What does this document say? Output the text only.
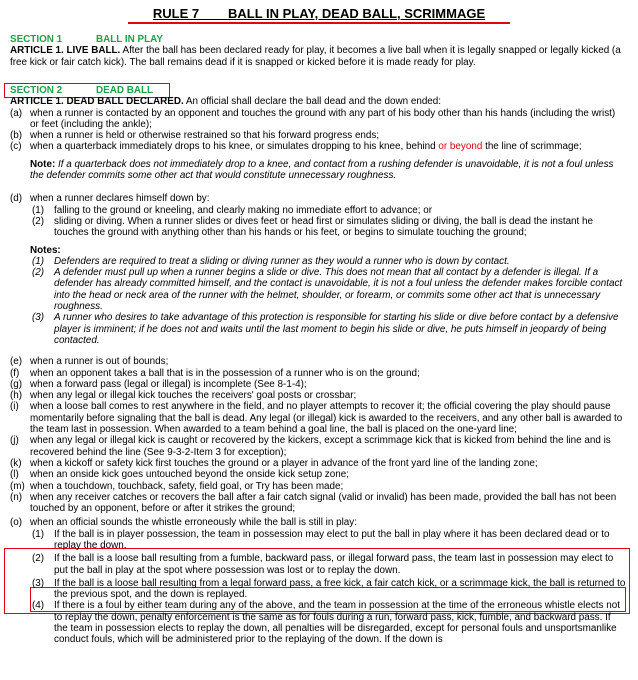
RULE 7        BALL IN PLAY, DEAD BALL, SCRIMMAGE
SECTION 1	BALL IN PLAY

ARTICLE 1. LIVE BALL. After the ball has been declared ready for play, it becomes a live ball when it is legally snapped or legally kicked (a free kick or fair catch kick). The ball remains dead if it is snapped or kicked before it is made ready for play.

SECTION 2	DEAD BALL

ARTICLE 1. DEAD BALL DECLARED. An official shall declare the ball dead and the down ended:

(a) when a runner is contacted by an opponent and touches the ground with any part of his body other than his hands (including the wrist) or feet (including the ankle);
(b) when a runner is held or otherwise restrained so that his forward progress ends;
(c) when a quarterback immediately drops to his knee, or simulates dropping to his knee, behind or beyond the line of scrimmage;
Note: If a quarterback does not immediately drop to a knee, and contact from a rushing defender is unavoidable, it is not a foul unless the defender commits some other act that would constitute unnecessary roughness.
(d) when a runner declares himself down by:
(1) falling to the ground or kneeling, and clearly making no immediate effort to advance; or
(2) sliding or diving. When a runner slides or dives feet or head first or simulates sliding or diving, the ball is dead the instant he touches the ground with anything other than his hands or his feet, or begins to simulate touching the ground;
Notes:
(1) Defenders are required to treat a sliding or diving runner as they would a runner who is down by contact.
(2) A defender must pull up when a runner begins a slide or dive. This does not mean that all contact by a defender is illegal. If a defender has already committed himself, and the contact is unavoidable, it is not a foul unless the defender makes forcible contact into the head or neck area of the runner with the helmet, shoulder, or forearm, or commits some other act that is unnecessary roughness.
(3) A runner who desires to take advantage of this protection is responsible for starting his slide or dive before contact by a defensive player is imminent; if he does not and waits until the last moment to begin his slide or dive, he puts himself in jeopardy of being contacted.
(e) when a runner is out of bounds;
(f) when an opponent takes a ball that is in the possession of a runner who is on the ground;
(g) when a forward pass (legal or illegal) is incomplete (See 8-1-4);
(h) when any legal or illegal kick touches the receivers' goal posts or crossbar;
(i) when a loose ball comes to rest anywhere in the field, and no player attempts to recover it; the official covering the play should pause momentarily before signaling that the ball is dead. Any legal (or illegal) kick is awarded to the receivers, and any other ball is awarded to the team last in possession. When awarded to a team behind a goal line, the ball is placed on the one-yard line;
(j) when any legal or illegal kick is caught or recovered by the kickers, except a scrimmage kick that is kicked from behind the line and is recovered behind the line (See 9-3-2-Item 3 for exception);
(k) when a kickoff or safety kick first touches the ground or a player in advance of the front yard line of the landing zone;
(l) when an onside kick goes untouched beyond the onside kick setup zone;
(m) when a touchdown, touchback, safety, field goal, or Try has been made;
(n) when any receiver catches or recovers the ball after a fair catch signal (valid or invalid) has been made, provided the ball has not been touched by an opponent, before or after it strikes the ground;
(o) when an official sounds the whistle erroneously while the ball is still in play:
(1) If the ball is in player possession, the team in possession may elect to put the ball in play where it has been declared dead or to replay the down.
(2) If the ball is a loose ball resulting from a fumble, backward pass, or illegal forward pass, the team last in possession may elect to put the ball in play at the spot where possession was lost or to replay the down.
(3) If the ball is a loose ball resulting from a legal forward pass, a free kick, a fair catch kick, or a scrimmage kick, the ball is returned to the previous spot, and the down is replayed.
(4) If there is a foul by either team during any of the above, and the team in possession at the time of the erroneous whistle elects not to replay the down, penalty enforcement is the same as for fouls during a run, forward pass, kick, fumble, and backward pass. If the team in possession elects to replay the down, all penalties will be disregarded, except for personal fouls and unsportsmanlike conduct fouls, which will be administered prior to the replaying of the down. If the down is
